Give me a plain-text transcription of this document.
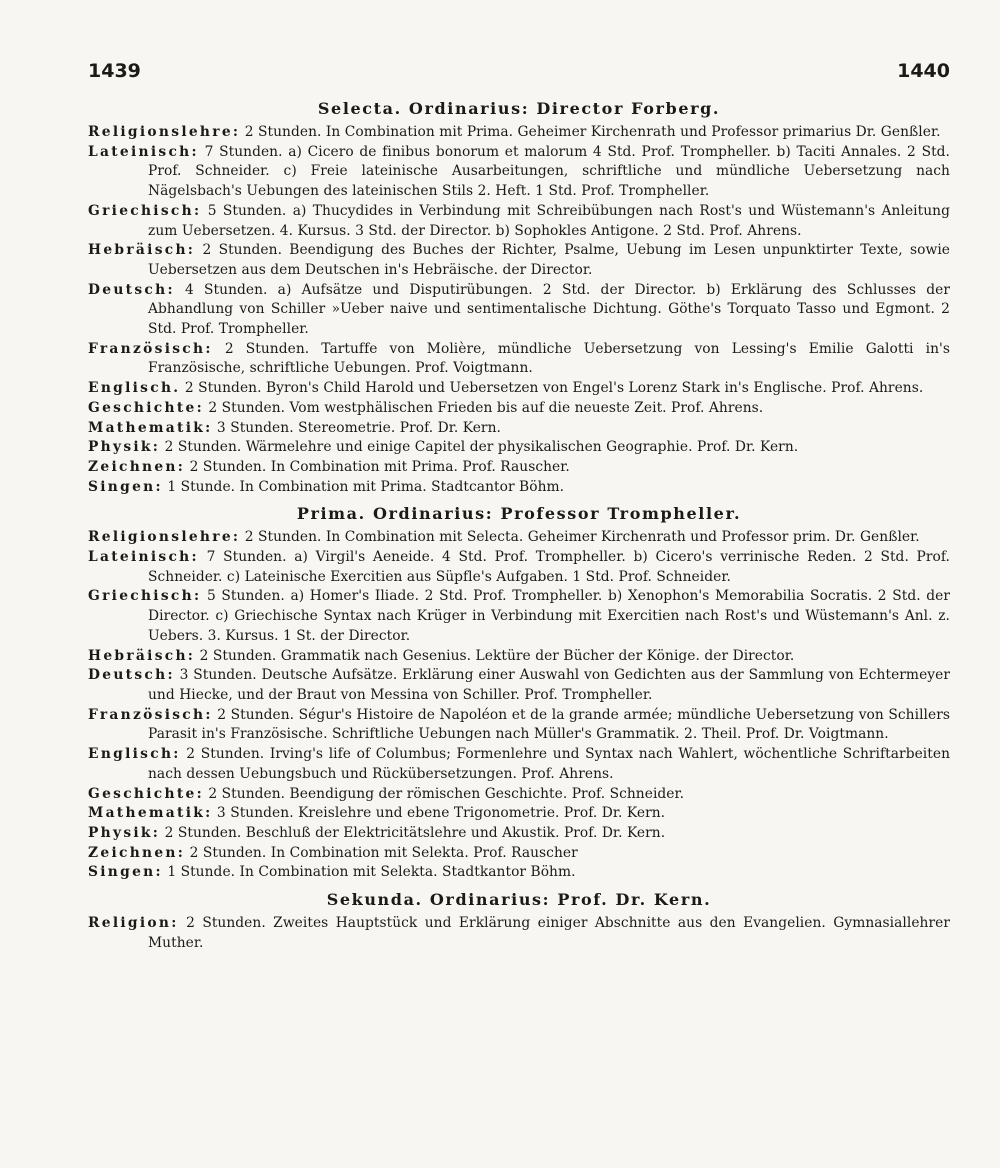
1439	1440
Selecta. Ordinarius: Director Forberg.

Religionslehre: 2 Stunden. In Combination mit Prima. Geheimer Kirchenrath und Professor primarius Dr. Genßler.

Lateinisch: 7 Stunden. a) Cicero de finibus bonorum et malorum 4 Std. Prof. Trompheller. b) Taciti Annales. 2 Std. Prof. Schneider. c) Freie lateinische Ausarbeitungen, schriftliche und mündliche Uebersetzung nach Nägelsbach's Uebungen des lateinischen Stils 2. Heft. 1 Std. Prof. Trompheller.

Griechisch: 5 Stunden. a) Thucydides in Verbindung mit Schreibübungen nach Rost's und Wüstemann's Anleitung zum Uebersetzen. 4. Kursus. 3 Std. der Director. b) Sophokles Antigone. 2 Std. Prof. Ahrens.

Hebräisch: 2 Stunden. Beendigung des Buches der Richter, Psalme, Uebung im Lesen unpunktirter Texte, sowie Uebersetzen aus dem Deutschen in's Hebräische. der Director.

Deutsch: 4 Stunden. a) Aufsätze und Disputirübungen. 2 Std. der Director. b) Erklärung des Schlusses der Abhandlung von Schiller »Ueber naive und sentimentalische Dichtung. Göthe's Torquato Tasso und Egmont. 2 Std. Prof. Trompheller.

Französisch: 2 Stunden. Tartuffe von Molière, mündliche Uebersetzung von Lessing's Emilie Galotti in's Französische, schriftliche Uebungen. Prof. Voigtmann.

Englisch. 2 Stunden. Byron's Child Harold und Uebersetzen von Engel's Lorenz Stark in's Englische. Prof. Ahrens.

Geschichte: 2 Stunden. Vom westphälischen Frieden bis auf die neueste Zeit. Prof. Ahrens.

Mathematik: 3 Stunden. Stereometrie. Prof. Dr. Kern.

Physik: 2 Stunden. Wärmelehre und einige Capitel der physikalischen Geographie. Prof. Dr. Kern.

Zeichnen: 2 Stunden. In Combination mit Prima. Prof. Rauscher.

Singen: 1 Stunde. In Combination mit Prima. Stadtcantor Böhm.

Prima. Ordinarius: Professor Trompheller.

Religionslehre: 2 Stunden. In Combination mit Selecta. Geheimer Kirchenrath und Professor prim. Dr. Genßler.

Lateinisch: 7 Stunden. a) Virgil's Aeneide. 4 Std. Prof. Trompheller. b) Cicero's verrinische Reden. 2 Std. Prof. Schneider. c) Lateinische Exercitien aus Süpfle's Aufgaben. 1 Std. Prof. Schneider.

Griechisch: 5 Stunden. a) Homer's Iliade. 2 Std. Prof. Trompheller. b) Xenophon's Memorabilia Socratis. 2 Std. der Director. c) Griechische Syntax nach Krüger in Verbindung mit Exercitien nach Rost's und Wüstemann's Anl. z. Uebers. 3. Kursus. 1 St. der Director.

Hebräisch: 2 Stunden. Grammatik nach Gesenius. Lektüre der Bücher der Könige. der Director.

Deutsch: 3 Stunden. Deutsche Aufsätze. Erklärung einer Auswahl von Gedichten aus der Sammlung von Echtermeyer und Hiecke, und der Braut von Messina von Schiller. Prof. Trompheller.

Französisch: 2 Stunden. Ségur's Histoire de Napoléon et de la grande armée; mündliche Uebersetzung von Schillers Parasit in's Französische. Schriftliche Uebungen nach Müller's Grammatik. 2. Theil. Prof. Dr. Voigtmann.

Englisch: 2 Stunden. Irving's life of Columbus; Formenlehre und Syntax nach Wahlert, wöchentliche Schriftarbeiten nach dessen Uebungsbuch und Rückübersetzungen. Prof. Ahrens.

Geschichte: 2 Stunden. Beendigung der römischen Geschichte. Prof. Schneider.

Mathematik: 3 Stunden. Kreislehre und ebene Trigonometrie. Prof. Dr. Kern.

Physik: 2 Stunden. Beschluß der Elektricitätslehre und Akustik. Prof. Dr. Kern.

Zeichnen: 2 Stunden. In Combination mit Selekta. Prof. Rauscher

Singen: 1 Stunde. In Combination mit Selekta. Stadtkantor Böhm.

Sekunda. Ordinarius: Prof. Dr. Kern.

Religion: 2 Stunden. Zweites Hauptstück und Erklärung einiger Abschnitte aus den Evangelien. Gymnasiallehrer Muther.
